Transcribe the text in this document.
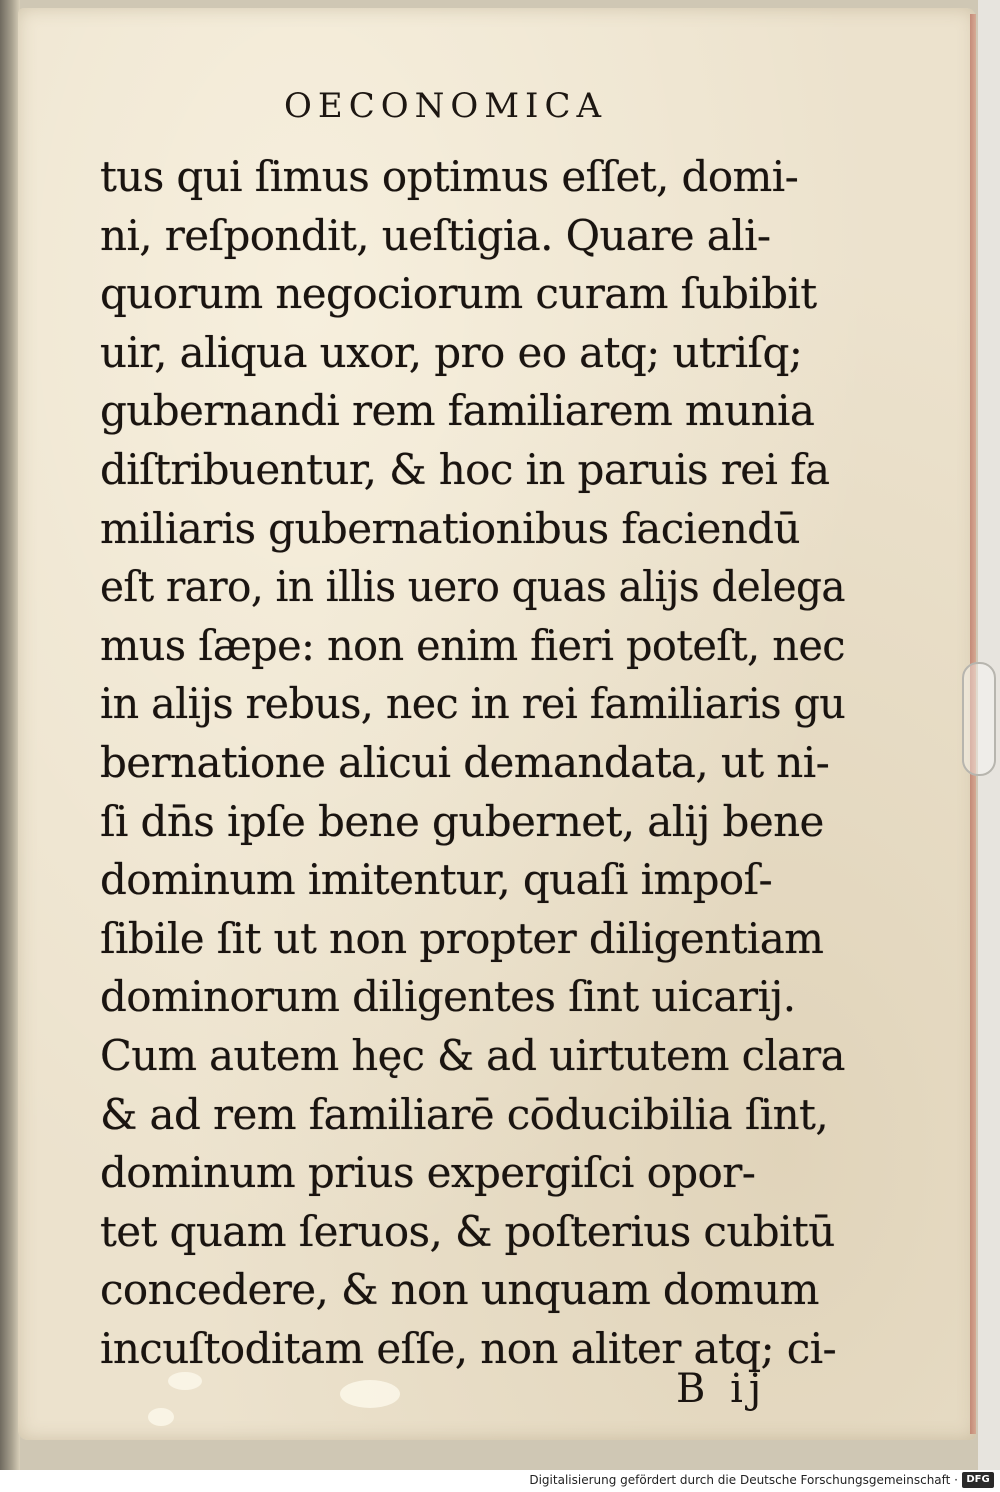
OECONOMICA
tus qui ſimus optimus eſſet, domi‑
ni, reſpondit, ueſtigia. Quare ali‑
quorum negociorum curam ſubibit
uir, aliqua uxor, pro eo atq; utriſq;
gubernandi rem familiarem munia
diſtribuentur, & hoc in paruis rei fa
miliaris gubernationibus faciendū
eſt raro, in illis uero quas alijs delega
mus ſæpe: non enim fieri poteſt, nec
in alijs rebus, nec in rei familiaris gu
bernatione alicui demandata, ut ni‑
ſi dn̄s ipſe bene gubernet, alij bene
dominum imitentur, quaſi impoſ‑
ſibile ſit ut non propter diligentiam
dominorum diligentes ſint uicarij.
Cum autem hęc & ad uirtutem clara
& ad rem familiarē cōducibilia ſint,
dominum prius expergiſci opor‑
tet quam ſeruos, & poſterius cubitū
concedere, & non unquam domum
incuſtoditam eſſe, non aliter atq; ci‑
B ij
Digitalisierung gefördert durch die Deutsche Forschungsgemeinschaft · DFG
